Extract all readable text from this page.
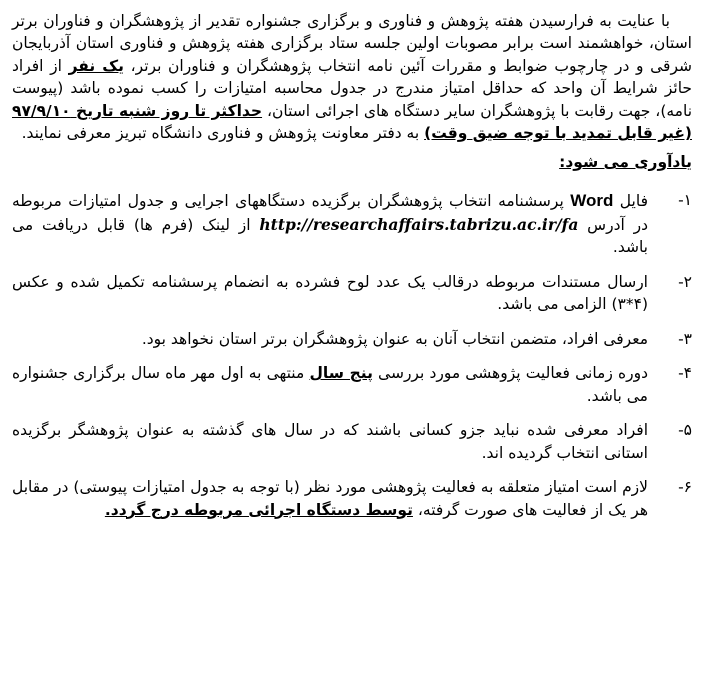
با عنایت به فرارسیدن هفته پژوهش و فناوری و برگزاری جشنواره تقدیر از پژوهشگران و فناوران برتر استان، خواهشمند است برابر مصوبات اولین جلسه ستاد برگزاری هفته پژوهش و فناوری استان آذربایجان شرقی و در چارچوب ضوابط و مقررات آئین نامه انتخاب پژوهشگران و فناوران برتر، یک نفر از افراد حائز شرایط آن واحد که حداقل امتیاز مندرج در جدول محاسبه امتیازات را کسب نموده باشد (پیوست نامه)، جهت رقابت با پژوهشگران سایر دستگاه های اجرائی استان، حداکثر تا روز شنبه تاریخ ۹۷/۹/۱۰ (غیر قابل تمدید با توجه ضیق وقت) به دفتر معاونت پژوهش و فناوری دانشگاه تبریز معرفی نمایند.

یادآوری می شود:

۱-

فایل Word پرسشنامه انتخاب پژوهشگران برگزیده دستگاههای اجرایی و جدول امتیازات مربوطه در آدرس http://researchaffairs.tabrizu.ac.ir/fa از لینک (فرم ها) قابل دریافت می باشد.

۲-

ارسال مستندات مربوطه درقالب یک عدد لوح فشرده به انضمام پرسشنامه تکمیل شده و عکس (۴*۳) الزامی می باشد.

۳-

معرفی افراد، متضمن انتخاب آنان به عنوان پژوهشگران برتر استان نخواهد بود.

۴-

دوره زمانی فعالیت پژوهشی مورد بررسی پنج سال منتهی به اول مهر ماه سال برگزاری جشنواره می باشد.

۵-

افراد معرفی شده نباید جزو کسانی باشند که در سال های گذشته به عنوان پژوهشگر برگزیده استانی انتخاب گردیده اند.

۶-

لازم است امتیاز متعلقه به فعالیت پژوهشی مورد نظر (با توجه به جدول امتیازات پیوستی) در مقابل هر یک از فعالیت های صورت گرفته، توسط دستگاه اجرائی مربوطه درج گردد.
